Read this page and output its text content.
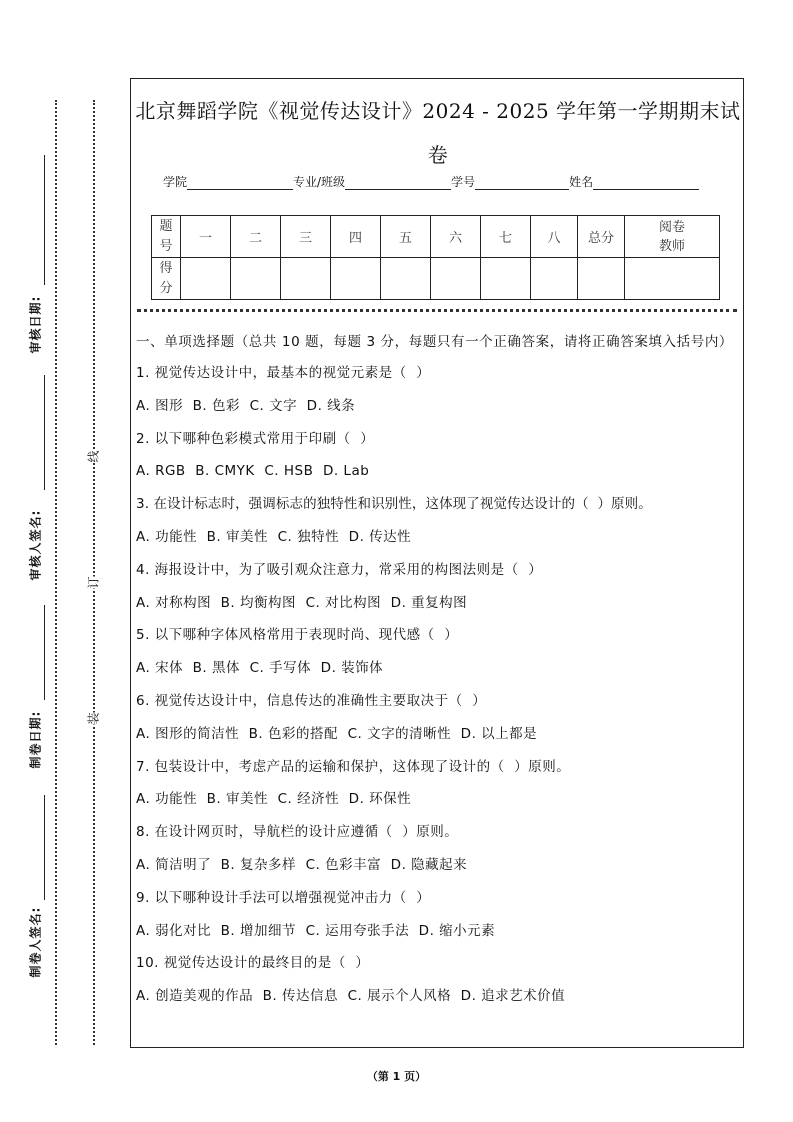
审核日期:
审核人签名:
制卷日期:
制卷人签名:
线
订
装
北京舞蹈学院《视觉传达设计》2024 - 2025 学年第一学期期末试
卷
学院	专业/班级	学号	姓名
题
号	一	二	三	四	五	六	七	八	总分	阅卷
教师
得
分										
一、单项选择题（总共 10 题，每题 3 分，每题只有一个正确答案，请将正确答案填入括号内）
1. 视觉传达设计中，最基本的视觉元素是（  ）
A. 图形  B. 色彩  C. 文字  D. 线条
2. 以下哪种色彩模式常用于印刷（  ）
A. RGB  B. CMYK  C. HSB  D. Lab
3. 在设计标志时，强调标志的独特性和识别性，这体现了视觉传达设计的（  ）原则。
A. 功能性  B. 审美性  C. 独特性  D. 传达性
4. 海报设计中，为了吸引观众注意力，常采用的构图法则是（  ）
A. 对称构图  B. 均衡构图  C. 对比构图  D. 重复构图
5. 以下哪种字体风格常用于表现时尚、现代感（  ）
A. 宋体  B. 黑体  C. 手写体  D. 装饰体
6. 视觉传达设计中，信息传达的准确性主要取决于（  ）
A. 图形的简洁性  B. 色彩的搭配  C. 文字的清晰性  D. 以上都是
7. 包装设计中，考虑产品的运输和保护，这体现了设计的（  ）原则。
A. 功能性  B. 审美性  C. 经济性  D. 环保性
8. 在设计网页时，导航栏的设计应遵循（  ）原则。
A. 简洁明了  B. 复杂多样  C. 色彩丰富  D. 隐藏起来
9. 以下哪种设计手法可以增强视觉冲击力（  ）
A. 弱化对比  B. 增加细节  C. 运用夸张手法  D. 缩小元素
10. 视觉传达设计的最终目的是（  ）
A. 创造美观的作品  B. 传达信息  C. 展示个人风格  D. 追求艺术价值
（第 1 页）
